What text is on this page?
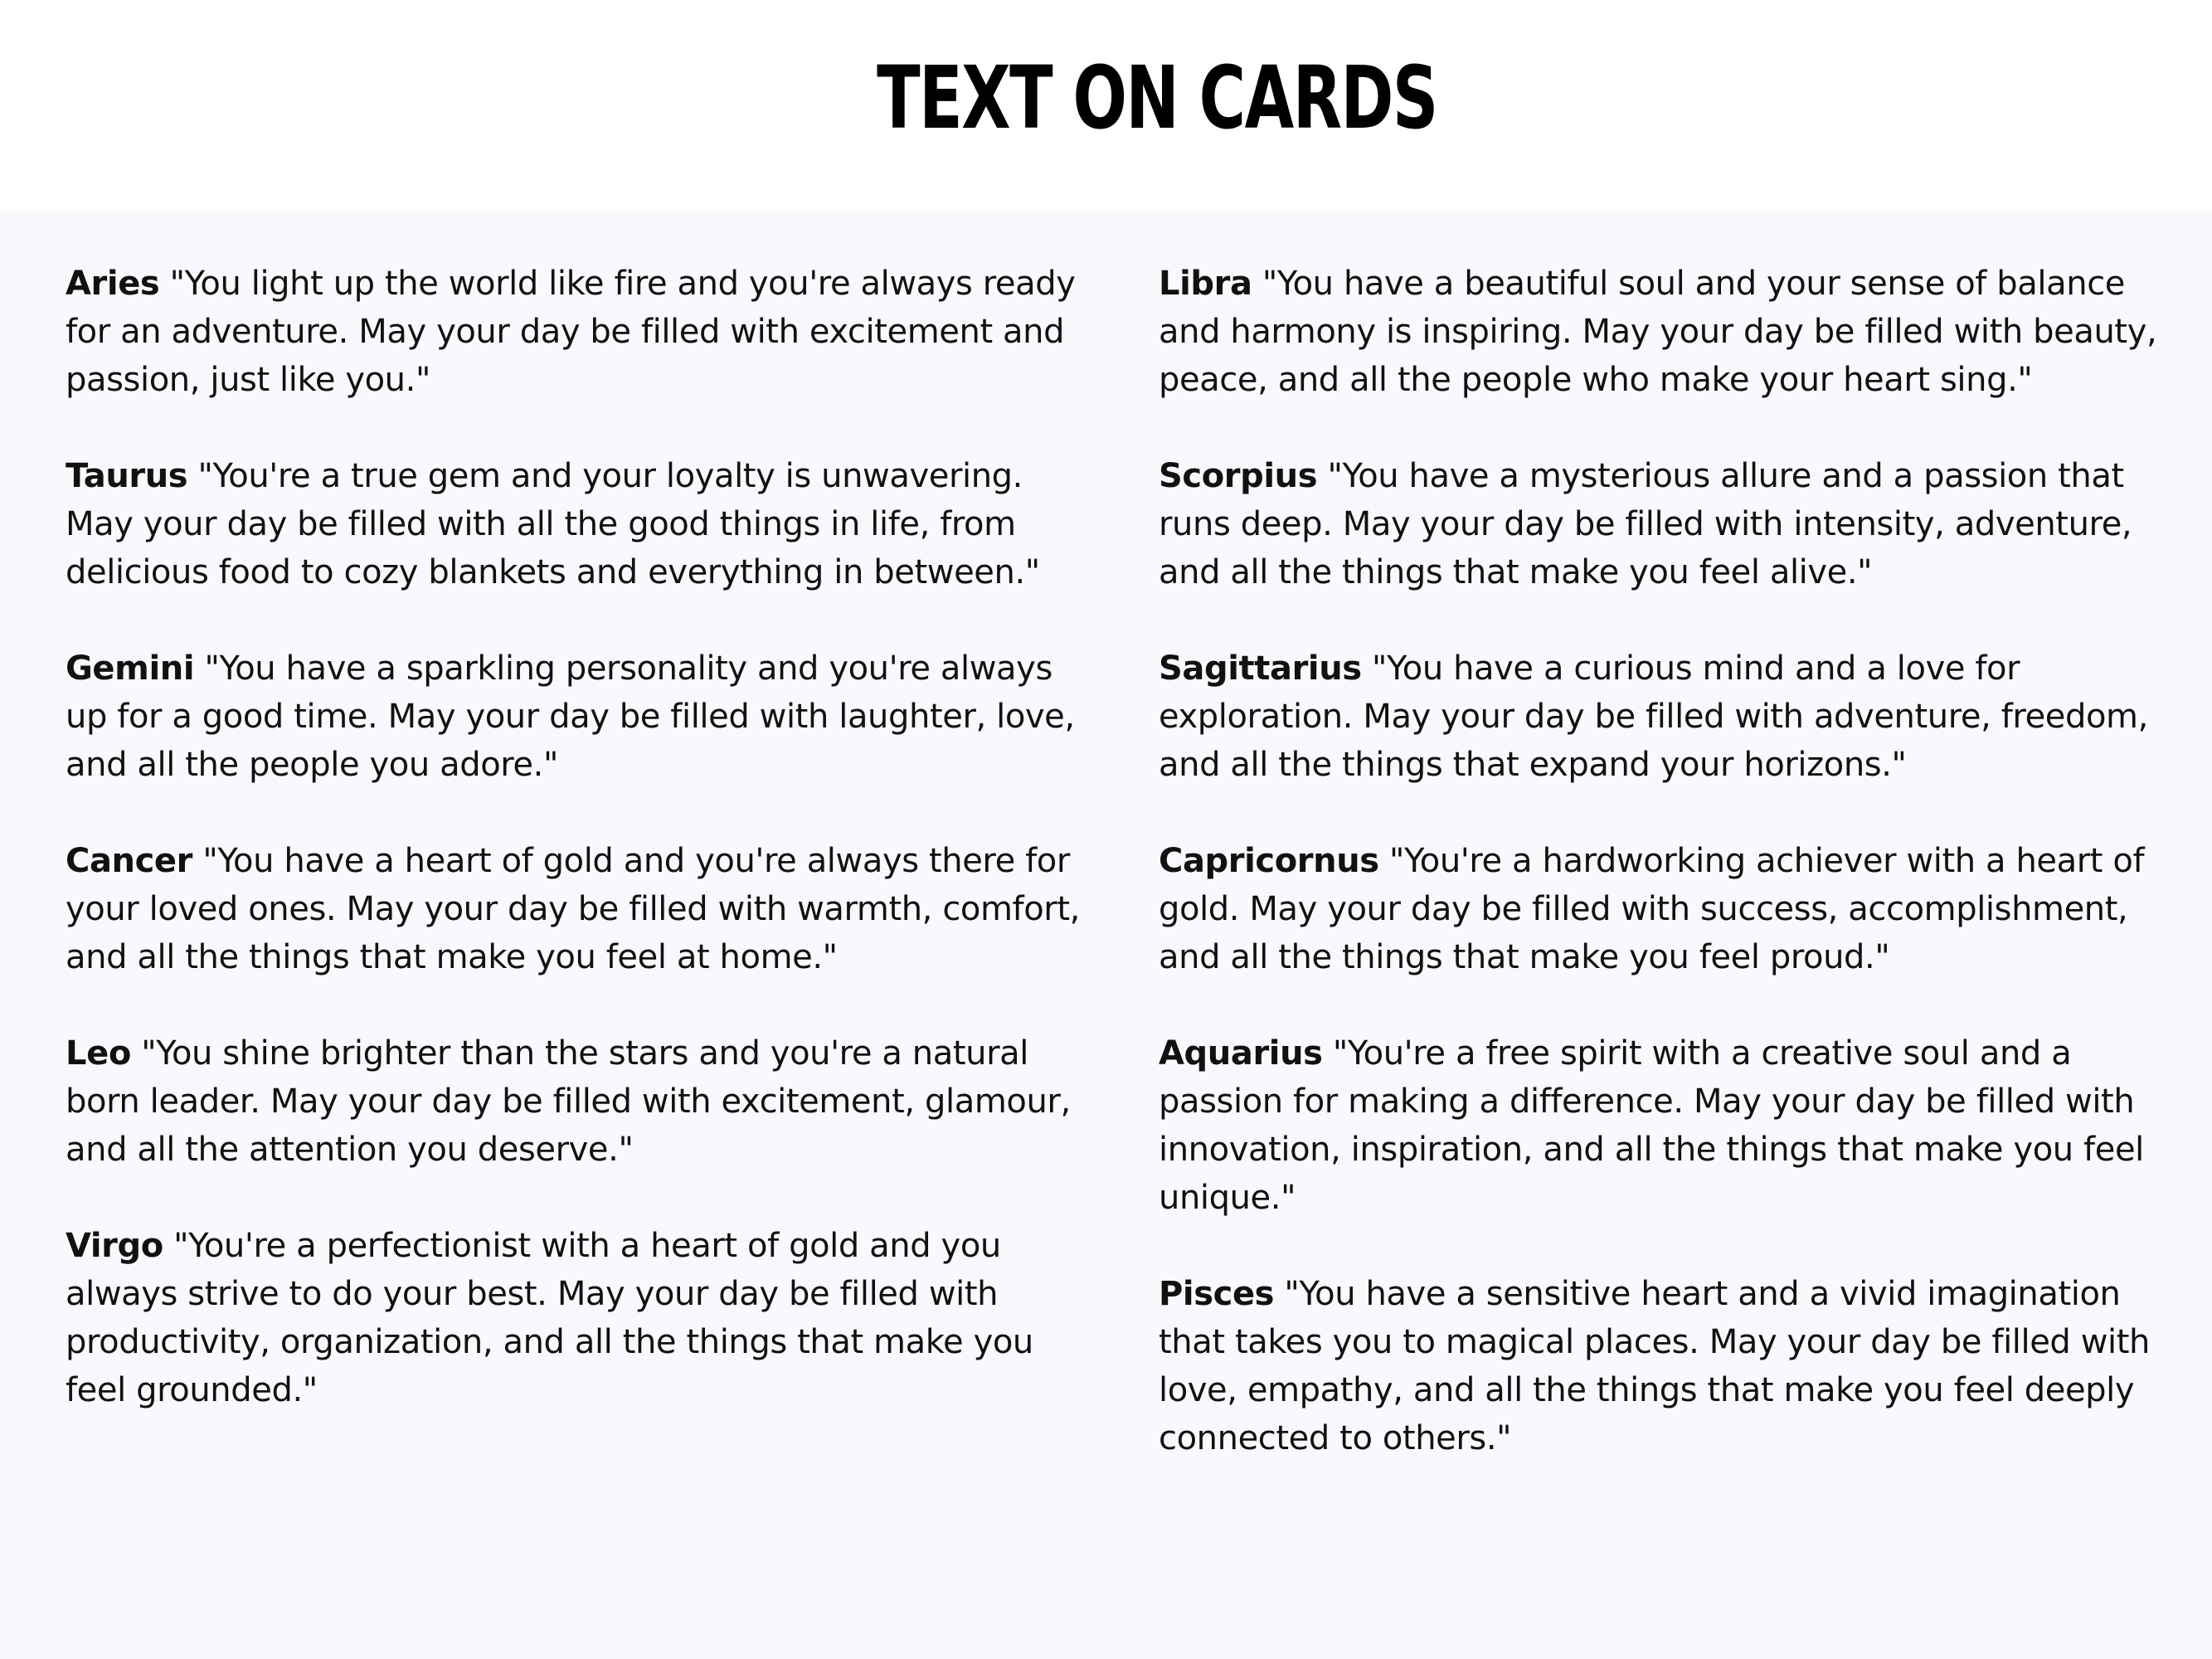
TEXT ON CARDS

Aries "You light up the world like fire and you're always ready for an adventure. May your day be filled with excitement and passion, just like you."

Taurus "You're a true gem and your loyalty is unwavering. May your day be filled with all the good things in life, from delicious food to cozy blankets and everything in between."

Gemini "You have a sparkling personality and you're always up for a good time. May your day be filled with laughter, love, and all the people you adore."

Cancer "You have a heart of gold and you're always there for your loved ones. May your day be filled with warmth, comfort, and all the things that make you feel at home."

Leo "You shine brighter than the stars and you're a natural born leader. May your day be filled with excitement, glamour, and all the attention you deserve."

Virgo "You're a perfectionist with a heart of gold and you always strive to do your best. May your day be filled with productivity, organization, and all the things that make you feel grounded."

Libra "You have a beautiful soul and your sense of balance and harmony is inspiring. May your day be filled with beauty, peace, and all the people who make your heart sing."

Scorpius "You have a mysterious allure and a passion that runs deep. May your day be filled with intensity, adventure, and all the things that make you feel alive."

Sagittarius "You have a curious mind and a love for exploration. May your day be filled with adventure, freedom, and all the things that expand your horizons."

Capricornus "You're a hardworking achiever with a heart of gold. May your day be filled with success, accomplishment, and all the things that make you feel proud."

Aquarius "You're a free spirit with a creative soul and a passion for making a difference. May your day be filled with innovation, inspiration, and all the things that make you feel unique."

Pisces "You have a sensitive heart and a vivid imagination that takes you to magical places. May your day be filled with love, empathy, and all the things that make you feel deeply connected to others."
